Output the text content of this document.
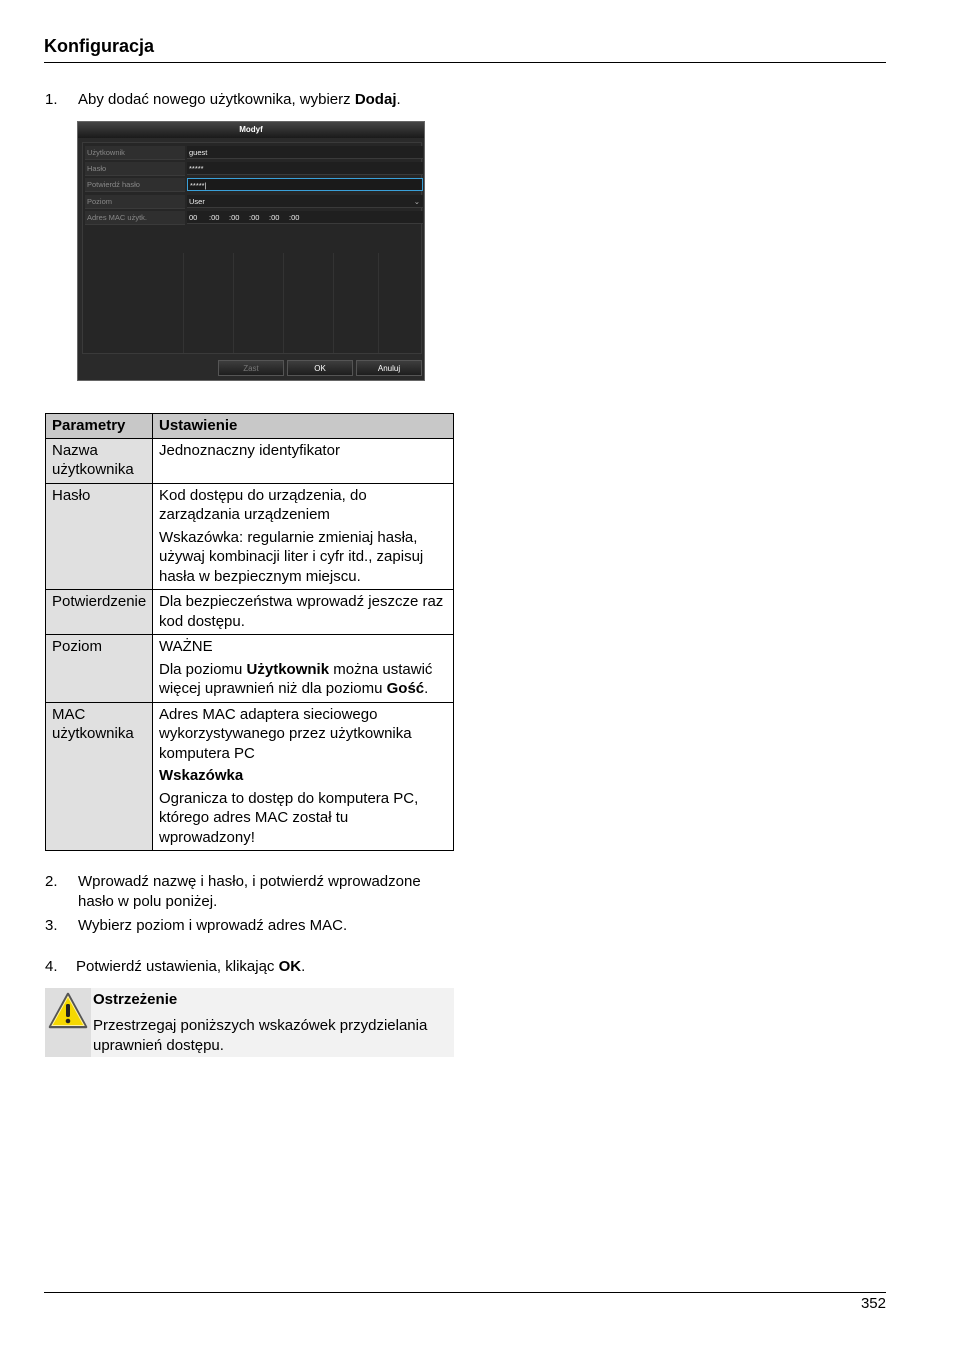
Konfiguracja
1. Aby dodać nowego użytkownika, wybierz Dodaj.
Modyf
Użytkownik	guest
Hasło	*****
Potwierdź hasło	*****|
Poziom	User	⌄
Adres MAC użytk.	00 :00 :00 :00 :00 :00
Zast	OK	Anuluj
Parametry	Ustawienie
Nazwa użytkownika	Jednoznaczny identyfikator

Hasło	Kod dostępu do urządzenia, do zarządzania urządzeniem

Wskazówka: regularnie zmieniaj hasła, używaj kombinacji liter i cyfr itd., zapisuj hasła w bezpiecznym miejscu.

Potwierdzenie	Dla bezpieczeństwa wprowadź jeszcze raz kod dostępu.

Poziom	WAŻNE

Dla poziomu Użytkownik można ustawić więcej uprawnień niż dla poziomu Gość.

MAC użytkownika	Adres MAC adaptera sieciowego wykorzystywanego przez użytkownika komputera PC

Wskazówka

Ogranicza to dostęp do komputera PC, którego adres MAC został tu wprowadzony!

2. Wprowadź nazwę i hasło, i potwierdź wprowadzone hasło w polu poniżej.
3. Wybierz poziom i wprowadź adres MAC.
4. Potwierdź ustawienia, klikając OK.
Ostrzeżenie
Przestrzegaj poniższych wskazówek przydzielania uprawnień dostępu.
352
